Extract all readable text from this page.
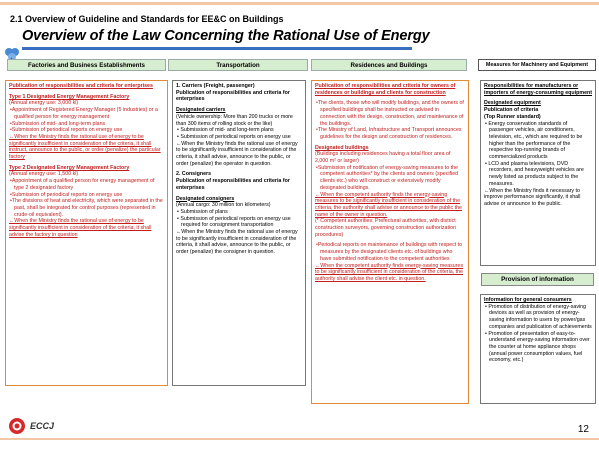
2.1 Overview of Guideline and Standards for EE&C on Buildings
Overview of the Law Concerning the Rational Use of Energy
Factories and Business Establishments	Transportation	Residences and Buildings	Measures for Machinery and Equipment
Publication of responsibilities and criteria for enterprises
Type 1 Designated Energy Management Factory
(Annual energy use: 3,000 kl)
•Appointment of Registered Energy Manager (5 industries) or a qualified person for energy management
•Submission of mid- and long-term plans
•Submission of periodical reports on energy use
←When the Ministry finds the rational use of energy to be significantly insufficient in consideration of the criteria, it shall instruct, announce to the public, or order (penalize) the particular factory
Type 2 Designated Energy Management Factory
(Annual energy use: 1,500 kl)
•Appointment of a qualified person for energy management of type 2 designated factory
•Submission of periodical reports on energy use
•The divisions of heat and electricity, which were separated in the past, shall be integrated for control purposes (represented in crude-oil equivalent).
←When the Ministry finds the rational use of energy to be significantly insufficient in consideration of the criteria, it shall advise the factory in question
1. Carriers (Freight, passenger)
Publication of responsibilities and criteria for enterprises
Designated carriers
(Vehicle ownership: More than 200 trucks or more than 300 items of rolling stock or the like)
• Submission of mid- and long-term plans
• Submission of periodical reports on energy use
←When the Ministry finds the rational use of energy to be significantly insufficient in consideration of the criteria, it shall advise, announce to the public, or order (penalize) the operator in question.
2. Consigners
Publication of responsibilities and criteria for enterprises
Designated consigners
(Annual cargo: 30 million ton kilometers)
• Submission of plans
• Submission of periodical reports on energy use required for consignment transportation
←When the Ministry finds the rational use of energy to be significantly insufficient in consideration of the criteria, it shall advise, announce to the public, or order (penalize) the consigner in question.
Publication of responsibilities and criteria for owners of residences or buildings and clients for construction
•The clients, those who will modify buildings, and the owners of specified buildings shall be instructed or advised in connection with the design, construction, and maintenance of the buildings.
•The Ministry of Land, Infrastructure and Transport announces guidelines for the design and construction of residences.
Designated buildings
(Buildings including residences having a total floor area of 2,000 m² or larger)
•Submission of notification of energy-saving measures to the competent authorities* by the clients and owners (specified clients etc.) who will construct or extensively modify designated buildings.
←When the competent authority finds the energy-saving measures to be significantly insufficient in consideration of the criteria, the authority shall advise or announce to the public the name of the owner in question.
(* Competent authorities: Prefectural authorities, with district construction surveyors, governing construction authorization procedures)
•Periodical reports on maintenance of buildings with respect to measures by the designated clients etc. of buildings who have submitted notification to the competent authorities
←When the competent authority finds energy-saving measures to be significantly insufficient in consideration of the criteria, the authority shall advise the client etc. in question.
Responsibilities for manufacturers or importers of energy-consuming equipment
Designated equipment
Publication of criteria
(Top Runner standard)
• Energy conservation standards of passenger vehicles, air conditioners, television, etc., which are required to be higher than the performance of the respective top-running brands of commercialized products
• LCD and plasma televisions, DVD recorders, and heavyweight vehicles are newly listed as products subject to the measures.
←When the Ministry finds it necessary to improve performance significantly, it shall advise or announce to the public.
Provision of information
Information for general consumers
• Promotion of distribution of energy-saving devices as well as provision of energy-saving information to users by power/gas companies and publication of achievements
• Promotion of presentation of easy-to-understand energy-saving information over the counter at home appliance shops (annual power consumption values, fuel economy, etc.)
ECCJ	12
